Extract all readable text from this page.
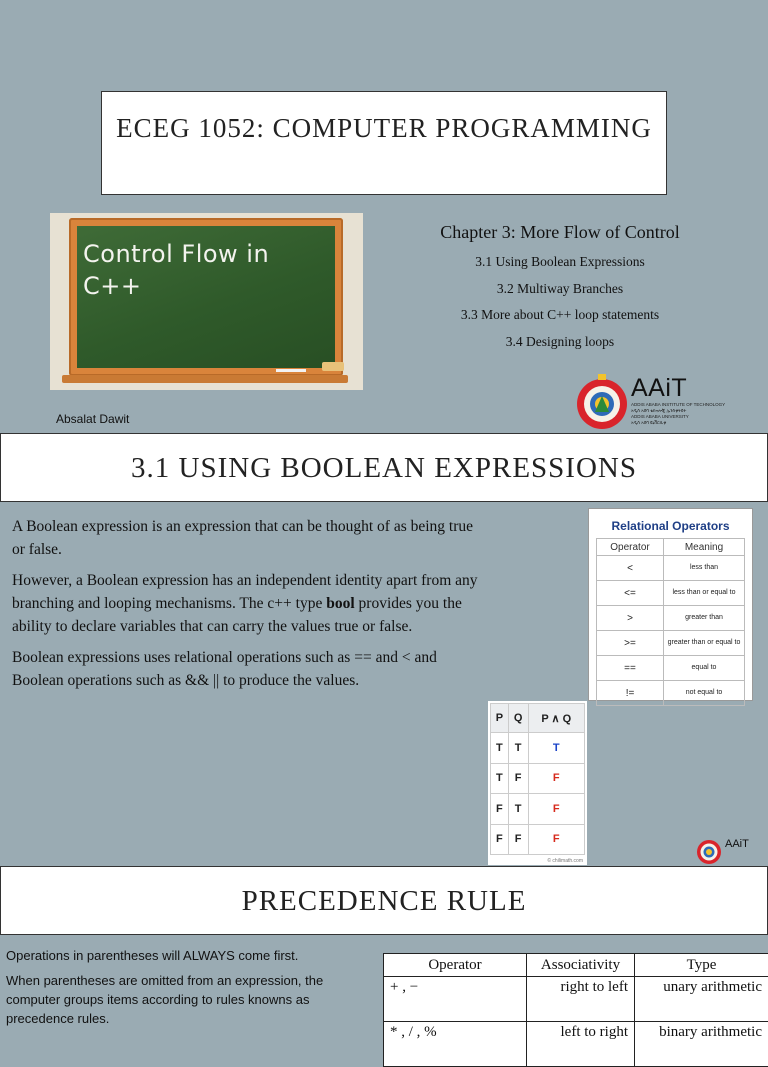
ECEG 1052: COMPUTER PROGRAMMING
Control Flow in
C++
Chapter 3: More Flow of Control
3.1 Using Boolean Expressions
3.2 Multiway Branches
3.3 More about C++ loop statements
3.4 Designing loops
Absalat Dawit
AAiT
ADDIS ABABA INSTITUTE OF TECHNOLOGY
አዲስ አበባ ቴክኖሎጂ ኢንስቲትዩት
ADDIS ABABA UNIVERSITY
አዲስ አበባ ዩኒቨርሲቲ
3.1 USING BOOLEAN EXPRESSIONS

A Boolean expression is an expression that can be thought of as being true or false.

However, a Boolean expression has an independent identity apart from any branching and looping mechanisms. The c++ type bool provides you the ability to declare variables that can carry the values true or false.

Boolean expressions uses relational operations such as == and < and Boolean operations such as && || to produce the values.

Relational Operators
Operator	Meaning
<	less than
<=	less than or equal to
>	greater than
>=	greater than or equal to
==	equal to
!=	not equal to
P	Q	P ∧ Q
T	T	T
T	F	F
F	T	F
F	F	F
© chilimath.com
AAiT
PRECEDENCE RULE

Operations in parentheses will ALWAYS come first.

When parentheses are omitted from an expression, the computer groups items according to rules knowns as precedence rules.

Operator	Associativity	Type
+ , −	right to left	unary arithmetic
* , / , %	left to right	binary arithmetic
